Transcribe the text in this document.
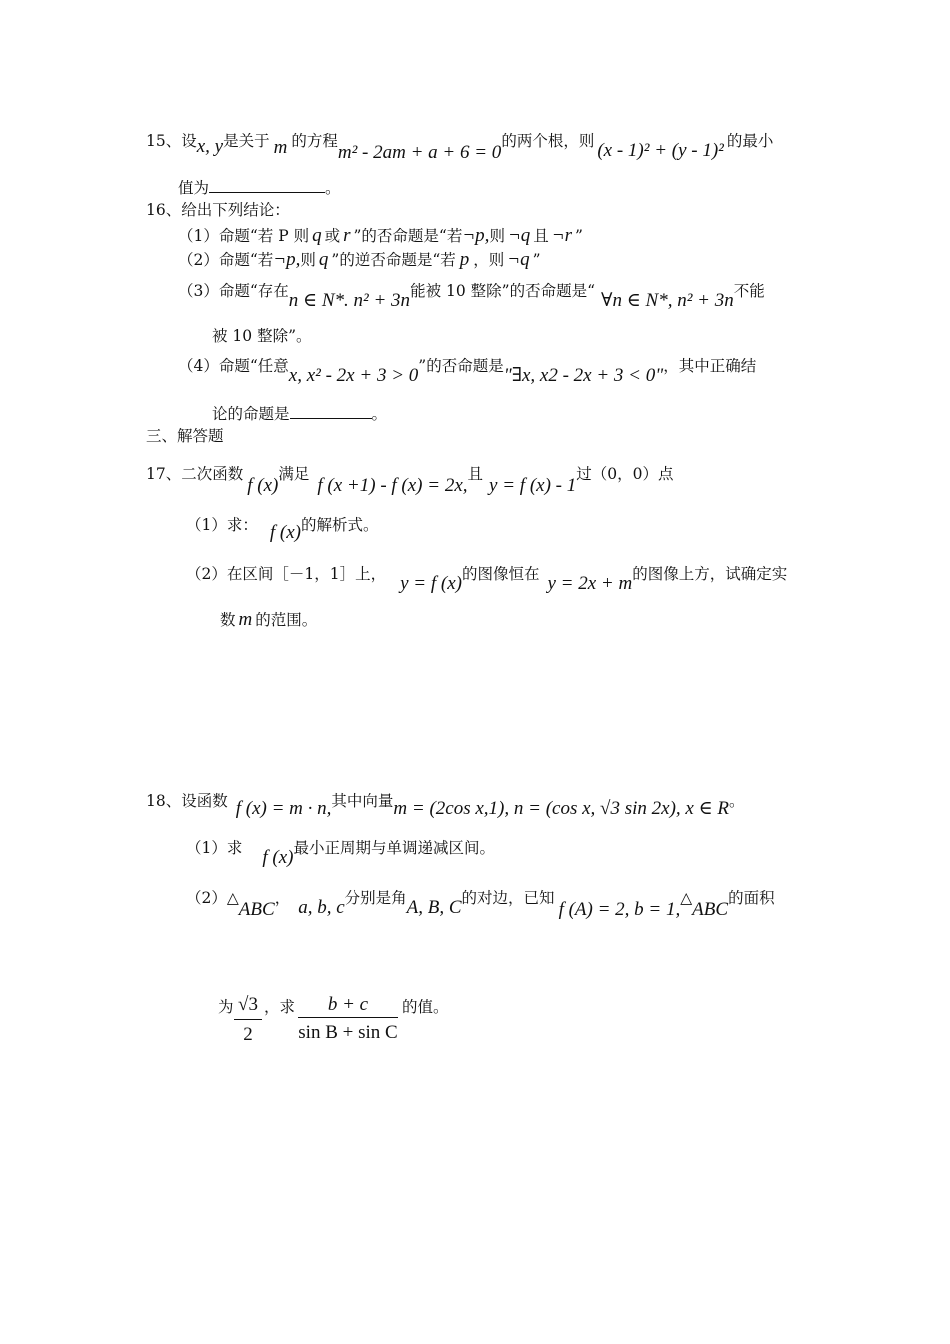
15、设x, y是关于 m 的方程m² - 2am + a + 6 = 0的两个根，则 (x - 1)² + (y - 1)² 的最小
值为	。
16、给出下列结论：
（1）命题“若 P 则 q 或 r ”的否命题是“若¬p,则 ¬q 且 ¬r ”
（2）命题“若¬p,则 q ”的逆否命题是“若 p ，则 ¬q ”
（3）命题“存在n ∈ N*. n² + 3n能被 10 整除”的否命题是“ ∀n ∈ N*, n² + 3n不能
被 10 整除”。
（4）命题“任意x, x² - 2x + 3 > 0”的否命题是"∃x, x2 - 2x + 3 < 0"，其中正确结
论的命题是	。
三、解答题
17、二次函数f (x)满足f (x +1) - f (x) = 2x,且y = f (x) - 1过（0，0）点
（1）求： f (x)的解析式。
（2）在区间［－1，1］上， y = f (x)的图像恒在 y = 2x + m的图像上方，试确定实
数 m 的范围。
18、设函数 f (x) = m · n,其中向量m = (2cos x,1), n = (cos x, √3 sin 2x), x ∈ R。
（1）求 f (x)最小正周期与单调递减区间。
（2）△ABC， a, b, c分别是角A, B, C的对边，已知f (A) = 2, b = 1,△ABC的面积
为 √3
2
，求	b + c
sin B + sin C
的值。
